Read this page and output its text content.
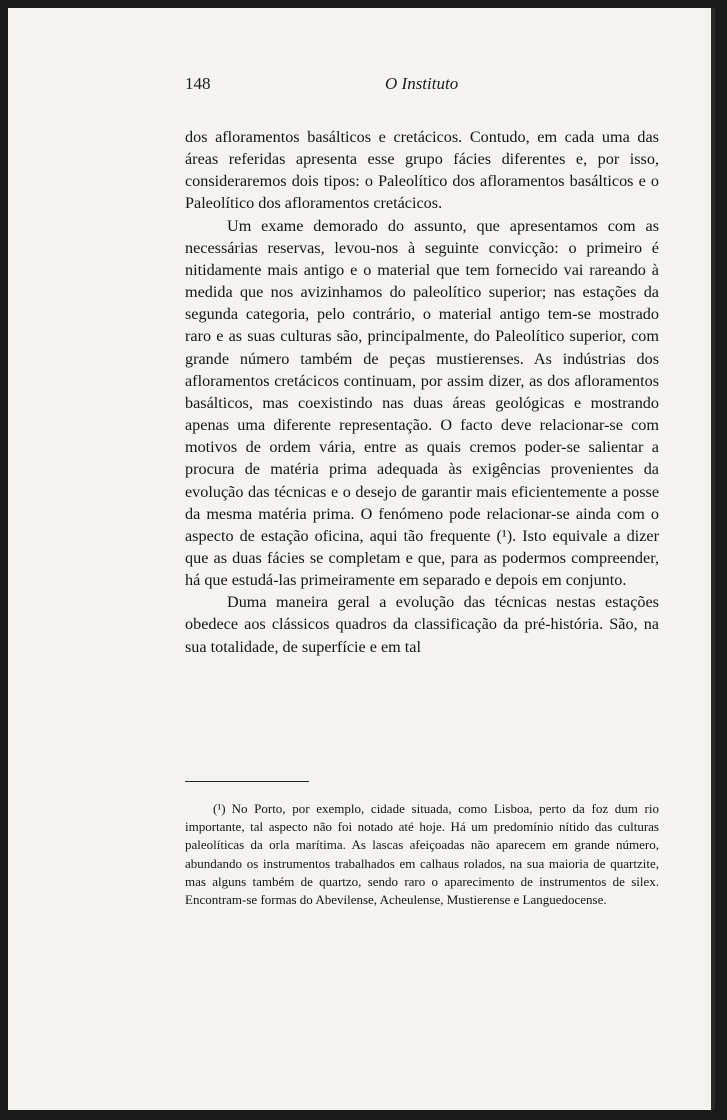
148	O Instituto

dos afloramentos basálticos e cretácicos. Contudo, em cada uma das áreas referidas apresenta esse grupo fácies diferentes e, por isso, consideraremos dois tipos: o Paleolítico dos afloramentos basálticos e o Paleolítico dos afloramentos cretácicos.

Um exame demorado do assunto, que apresentamos com as necessárias reservas, levou-nos à seguinte convicção: o primeiro é nitidamente mais antigo e o material que tem fornecido vai rareando à medida que nos avizinhamos do paleolítico superior; nas estações da segunda categoria, pelo contrário, o material antigo tem-se mostrado raro e as suas culturas são, principalmente, do Paleolítico superior, com grande número também de peças mustierenses. As indústrias dos afloramentos cretácicos continuam, por assim dizer, as dos afloramentos basálticos, mas coexistindo nas duas áreas geológicas e mostrando apenas uma diferente representação. O facto deve relacionar-se com motivos de ordem vária, entre as quais cremos poder-se salientar a procura de matéria prima adequada às exigências provenientes da evolução das técnicas e o desejo de garantir mais eficientemente a posse da mesma matéria prima. O fenómeno pode relacionar-se ainda com o aspecto de estação oficina, aqui tão frequente (¹). Isto equivale a dizer que as duas fácies se completam e que, para as podermos compreender, há que estudá-las primeiramente em separado e depois em conjunto.

Duma maneira geral a evolução das técnicas nestas estações obedece aos clássicos quadros da classificação da pré-história. São, na sua totalidade, de superfície e em tal

(¹) No Porto, por exemplo, cidade situada, como Lisboa, perto da foz dum rio importante, tal aspecto não foi notado até hoje. Há um predomínio nítido das culturas paleolíticas da orla marítima. As lascas afeiçoadas não aparecem em grande número, abundando os instrumentos trabalhados em calhaus rolados, na sua maioria de quartzite, mas alguns também de quartzo, sendo raro o aparecimento de instrumentos de silex. Encontram-se formas do Abevilense, Acheulense, Mustierense e Languedocense.
